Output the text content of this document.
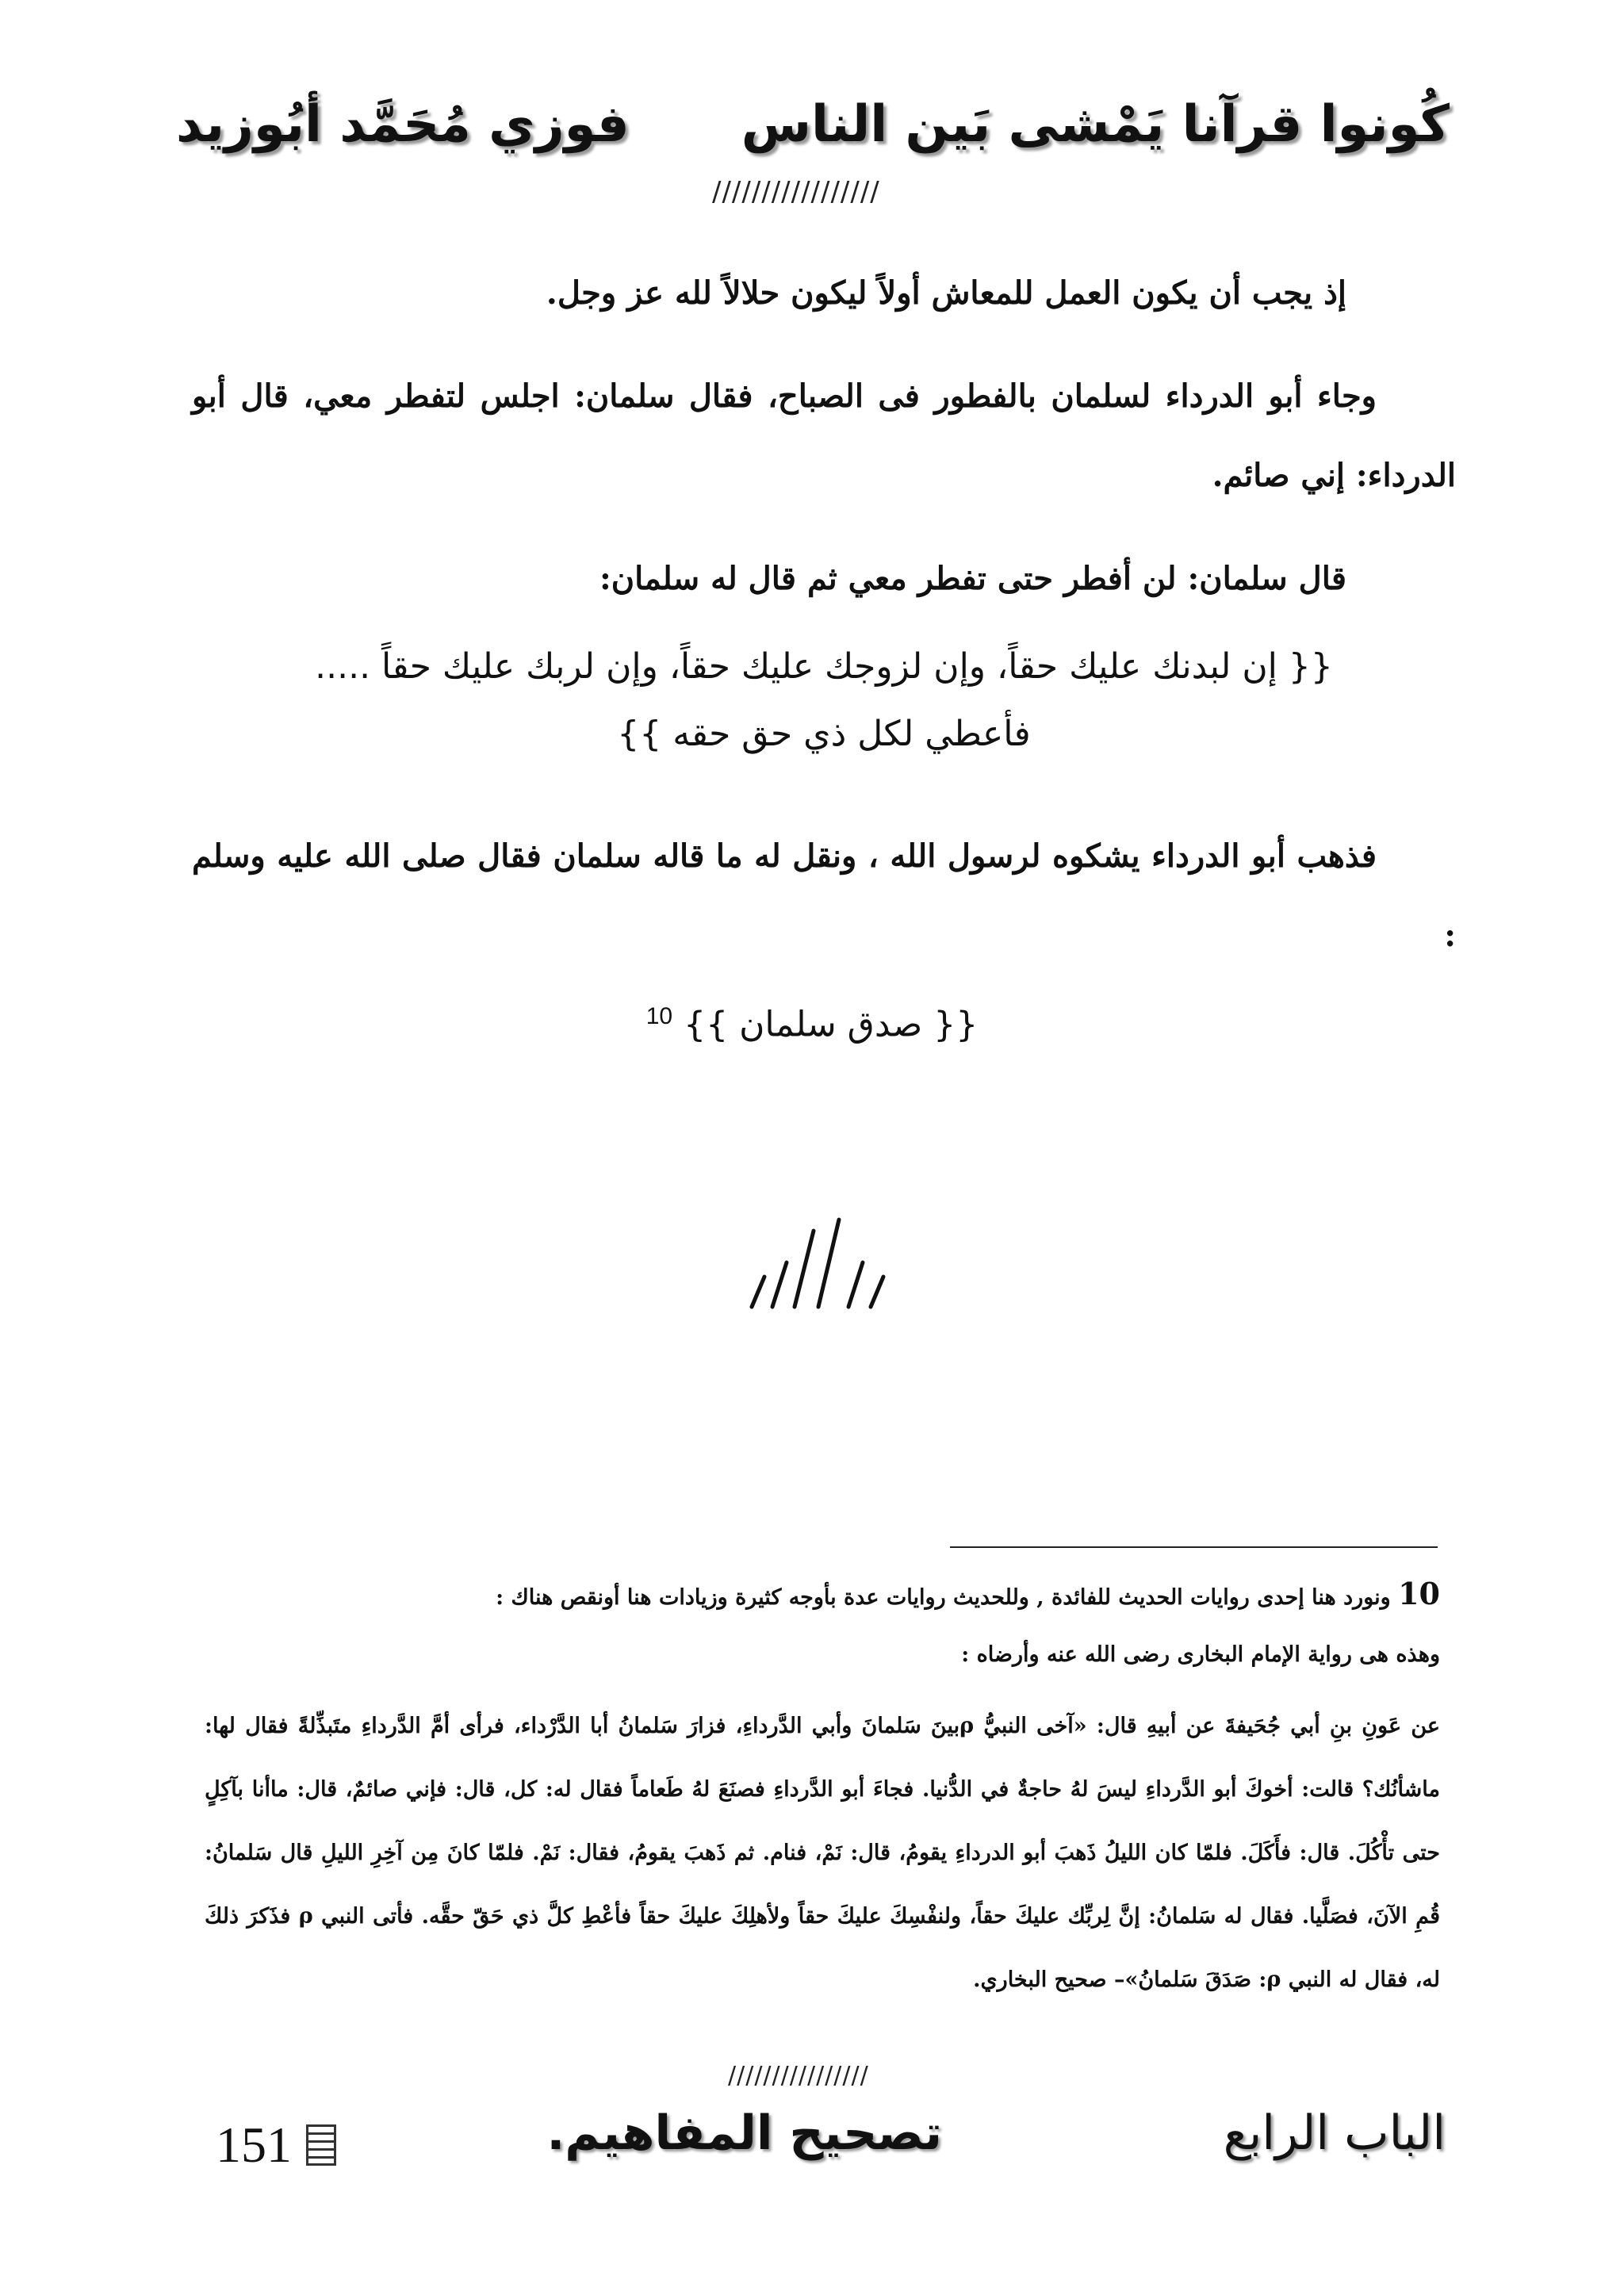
كُونوا قرآنا يَمْشى بَين الناس
فوزي مُحَمَّد أبُوزيد
/////////////////
إذ يجب أن يكون العمل للمعاش أولاً ليكون حلالاً لله عز وجل.
وجاء أبو الدرداء لسلمان بالفطور فى الصباح، فقال سلمان: اجلس لتفطر معي، قال أبو الدرداء: إني صائم.
قال سلمان: لن أفطر حتى تفطر معي ثم قال له سلمان:
{{ إن لبدنك عليك حقاً، وإن لزوجك عليك حقاً، وإن لربك عليك حقاً .....
فأعطي لكل ذي حق حقه }}
فذهب أبو الدرداء يشكوه لرسول الله ، ونقل له ما قاله سلمان فقال صلى الله عليه وسلم :
{{ صدق سلمان }} $^{10}$
10 ونورد هنا إحدى روايات الحديث للفائدة , وللحديث روايات عدة بأوجه كثيرة وزيادات هنا أونقص هناك :
وهذه هى رواية الإمام البخارى رضى الله عنه وأرضاه :
عن عَونِ بنِ أبي جُحَيفةَ عن أبيهِ قال: «آخى النبيُّ ρبينَ سَلمانَ وأبي الدَّرداءِ، فزارَ سَلمانُ أبا الدَّرْداء، فرأى أمَّ الدَّرداءِ متَبذِّلةً فقال لها: ماشأنُك؟ قالت: أخوكَ أبو الدَّرداءِ ليسَ لهُ حاجةٌ في الدُّنيا. فجاءَ أبو الدَّرداءِ فصنَعَ لهُ طَعاماً فقال له: كل، قال: فإني صائمٌ، قال: ماأنا بآكِلٍ حتى تأْكُلَ. قال: فأَكَلَ. فلمّا كان الليلُ ذَهبَ أبو الدرداءِ يقومُ، قال: نَمْ، فنام. ثم ذَهبَ يقومُ، فقال: نَمْ. فلمّا كانَ مِن آخِرِ الليلِ قال سَلمانُ: قُمِ الآنَ، فصَلَّيا. فقال له سَلمانُ: إنَّ لِربِّك عليكَ حقاً، ولنفْسِكَ عليكَ حقاً ولأهلِكَ عليكَ حقاً فأعْطِ كلَّ ذي حَقّ حقَّه. فأتى النبي ρ فذَكرَ ذلكَ له، فقال له النبي ρ: صَدَقَ سَلمانُ»– صحيح البخاري.
////////////////
الباب الرابع
تصحيح المفاهيم.
151
